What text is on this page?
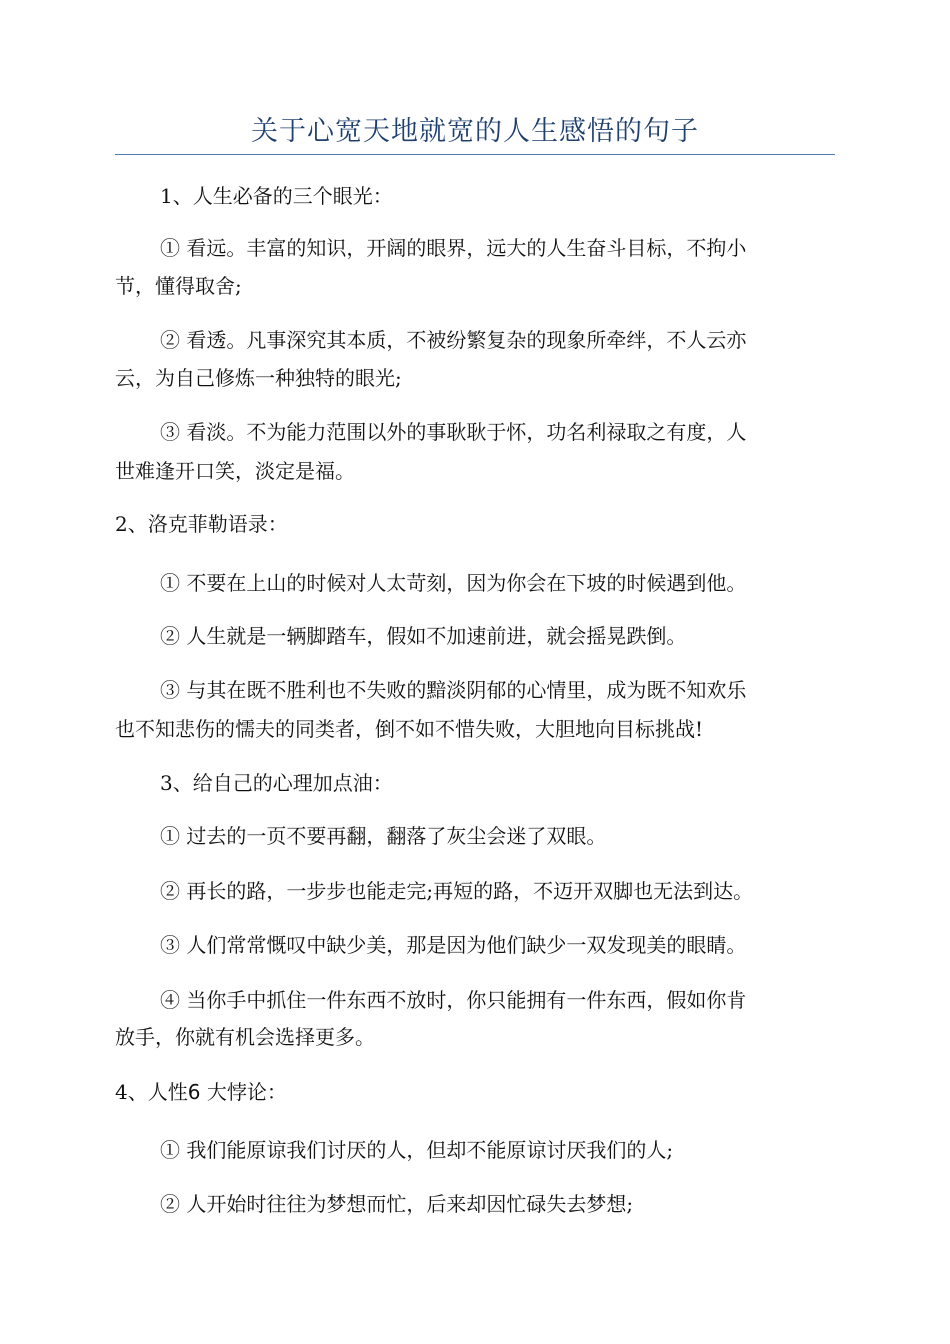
关于心宽天地就宽的人生感悟的句子
1、人生必备的三个眼光：
① 看远。丰富的知识，开阔的眼界，远大的人生奋斗目标，不拘小
节，懂得取舍;
② 看透。凡事深究其本质，不被纷繁复杂的现象所牵绊，不人云亦
云，为自己修炼一种独特的眼光;
③ 看淡。不为能力范围以外的事耿耿于怀，功名利禄取之有度，人
世难逢开口笑，淡定是福。
2、洛克菲勒语录：
① 不要在上山的时候对人太苛刻，因为你会在下坡的时候遇到他。
② 人生就是一辆脚踏车，假如不加速前进，就会摇晃跌倒。
③ 与其在既不胜利也不失败的黯淡阴郁的心情里，成为既不知欢乐
也不知悲伤的懦夫的同类者，倒不如不惜失败，大胆地向目标挑战!
3、给自己的心理加点油：
① 过去的一页不要再翻，翻落了灰尘会迷了双眼。
② 再长的路，一步步也能走完;再短的路，不迈开双脚也无法到达。
③ 人们常常慨叹中缺少美，那是因为他们缺少一双发现美的眼睛。
④ 当你手中抓住一件东西不放时，你只能拥有一件东西，假如你肯
放手，你就有机会选择更多。
4、人性6 大悖论：
① 我们能原谅我们讨厌的人，但却不能原谅讨厌我们的人;
② 人开始时往往为梦想而忙，后来却因忙碌失去梦想;
